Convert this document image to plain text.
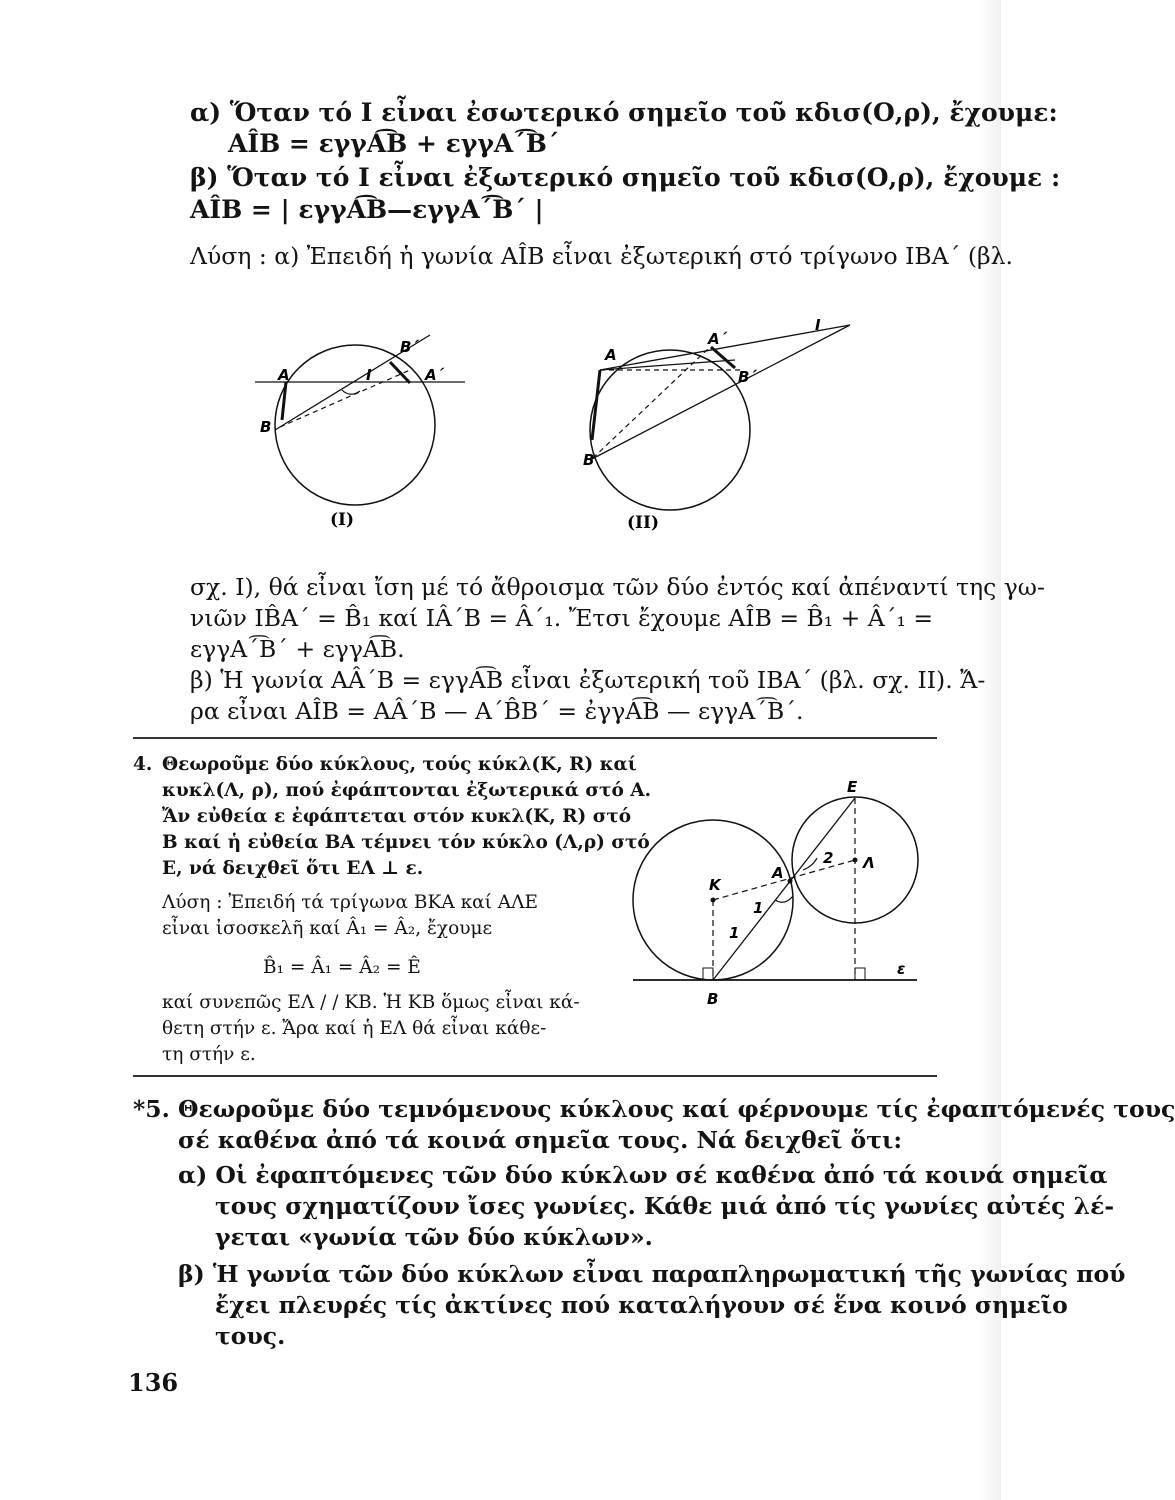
α) Ὅταν τό Ι εἶναι ἐσωτερικό σημεῖο τοῦ κδισ(Ο,ρ), ἔχουμε:
AÎB = εγγA͡B + εγγA΄͡B΄
β) Ὅταν τό Ι εἶναι ἐξωτερικό σημεῖο τοῦ κδισ(Ο,ρ), ἔχουμε :
AÎB = | εγγA͡B—εγγA΄͡B΄ |
Λύση : α) Ἐπειδή ἡ γωνία AÎB εἶναι ἐξωτερική στό τρίγωνο IBA΄ (βλ.
A
B
B΄
A΄
I
(I)
A
A΄
B΄
B
I
(II)
σχ. Ι), θά εἶναι ἴση μέ τό ἄθροισμα τῶν δύο ἐντός καί ἀπέναντί της γω-
νιῶν IB̂A΄ = B̂₁ καί IÂ΄B = Â΄₁. Ἔτσι ἔχουμε AÎB = B̂₁ + Â΄₁ =
εγγA΄͡B΄ + εγγA͡B.
β) Ἡ γωνία AÂ΄B = εγγA͡B εἶναι ἐξωτερική τοῦ IBA΄ (βλ. σχ. ΙΙ). Ἄ-
ρα εἶναι AÎB = AÂ΄B — A΄B̂B΄ = ἐγγA͡B — εγγA΄͡B΄.
4. Θεωροῦμε δύο κύκλους, τούς κύκλ(Κ, R) καί
κυκλ(Λ, ρ), πού ἐφάπτονται ἐξωτερικά στό Α.
Ἄν εὐθεία ε ἐφάπτεται στόν κυκλ(Κ, R) στό
Β καί ἡ εὐθεία ΒΑ τέμνει τόν κύκλο (Λ,ρ) στό
Ε, νά δειχθεῖ ὅτι ΕΛ ⊥ ε.
Λύση : Ἐπειδή τά τρίγωνα ΒΚΑ καί ΑΛΕ
εἶναι ἰσοσκελῆ καί Â₁ = Â₂, ἔχουμε
B̂₁ = Â₁ = Â₂ = Ê
καί συνεπῶς ΕΛ / / ΚΒ. Ἡ ΚΒ ὅμως εἶναι κά-
θετη στήν ε. Ἄρα καί ἡ ΕΛ θά εἶναι κάθε-
τη στήν ε.
E
K
A
Λ
B
ε
1
1
2
*5. Θεωροῦμε δύο τεμνόμενους κύκλους καί φέρνουμε τίς ἐφαπτόμενές τους
σέ καθένα ἀπό τά κοινά σημεῖα τους. Νά δειχθεῖ ὅτι:
α) Οἱ ἐφαπτόμενες τῶν δύο κύκλων σέ καθένα ἀπό τά κοινά σημεῖα
τους σχηματίζουν ἴσες γωνίες. Κάθε μιά ἀπό τίς γωνίες αὐτές λέ-
γεται «γωνία τῶν δύο κύκλων».
β) Ἡ γωνία τῶν δύο κύκλων εἶναι παραπληρωματική τῆς γωνίας πού
ἔχει πλευρές τίς ἀκτίνες πού καταλήγουν σέ ἕνα κοινό σημεῖο
τους.
136
